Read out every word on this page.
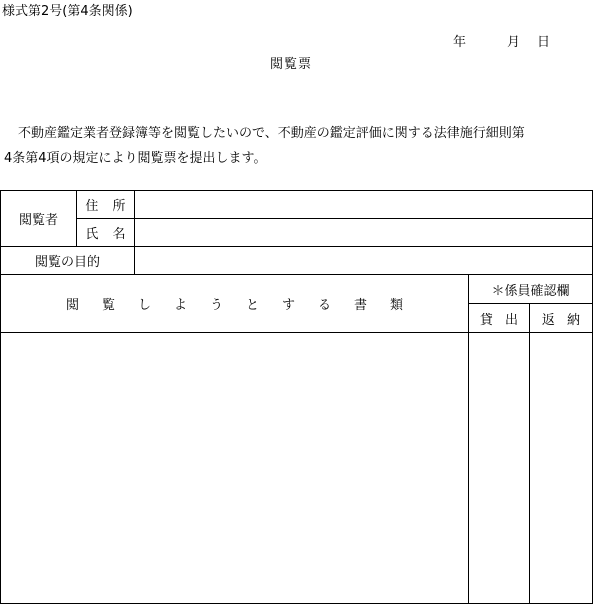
様式第2号(第4条関係)
年	月 日
閲覧票
不動産鑑定業者登録簿等を閲覧したいので、不動産の鑑定評価に関する法律施行細則第
4条第4項の規定により閲覧票を提出します。
閲覧者
住 所
氏 名
閲覧の目的
閲覧しようとする書類
＊係員確認欄
貸 出 返 納
